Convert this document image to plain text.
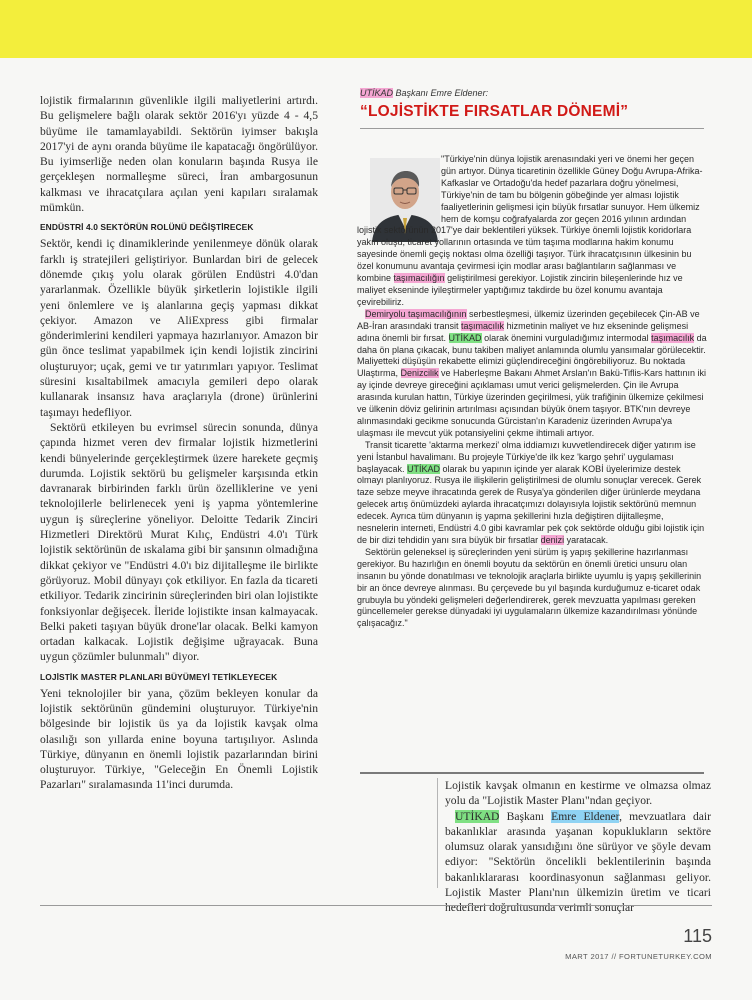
lojistik firmalarının güvenlikle ilgili maliyetlerini artırdı. Bu gelişmelere bağlı olarak sektör 2016'yı yüzde 4 - 4,5 büyüme ile tamamlayabildi. Sektörün iyimser bakışla 2017'yi de aynı oranda büyüme ile kapatacağı öngörülüyor. Bu iyimserliğe neden olan konuların başında Rusya ile gerçekleşen normalleşme süreci, İran ambargosunun kalkması ve ihracatçılara açılan yeni kapıları sıralamak mümkün.

ENDÜSTRİ 4.0 SEKTÖRÜN ROLÜNÜ DEĞİŞTİRECEK

Sektör, kendi iç dinamiklerinde yenilenmeye dönük olarak farklı iş stratejileri geliştiriyor. Bunlardan biri de gelecek dönemde çıkış yolu olarak görülen Endüstri 4.0'dan yararlanmak. Özellikle büyük şirketlerin lojistikle ilgili yeni önlemlere ve iş alanlarına geçiş yapması dikkat çekiyor. Amazon ve AliExpress gibi firmalar gönderimlerini kendileri yapmaya hazırlanıyor. Amazon bir gün önce teslimat yapabilmek için kendi lojistik zincirini oluşturuyor; uçak, gemi ve tır yatırımları yapıyor. Teslimat süresini kısaltabilmek amacıyla gemileri depo olarak kullanarak insansız hava araçlarıyla (drone) ürünlerini taşımayı hedefliyor.

Sektörü etkileyen bu evrimsel sürecin sonunda, dünya çapında hizmet veren dev firmalar lojistik hizmetlerini kendi bünyelerinde gerçekleştirmek üzere harekete geçmiş durumda. Lojistik sektörü bu gelişmeler karşısında etkin davranarak birbirinden farklı ürün özelliklerine ve yeni teknolojilerle belirlenecek yeni iş yapma yöntemlerine uygun iş süreçlerine yöneliyor. Deloitte Tedarik Zinciri Hizmetleri Direktörü Murat Kılıç, Endüstri 4.0'ı Türk lojistik sektörünün de ıskalama gibi bir şansının olmadığına dikkat çekiyor ve "Endüstri 4.0'ı biz dijitalleşme ile birlikte görüyoruz. Mobil dünyayı çok etkiliyor. En fazla da ticareti etkiliyor. Tedarik zincirinin süreçlerinden biri olan lojistikte fonksiyonlar değişecek. İleride lojistikte insan kalmayacak. Belki paketi taşıyan büyük drone'lar olacak. Belki kamyon ortadan kalkacak. Lojistik değişime uğrayacak. Buna uygun çözümler bulunmalı" diyor.

LOJİSTİK MASTER PLANLARI BÜYÜMEYİ TETİKLEYECEK

Yeni teknolojiler bir yana, çözüm bekleyen konular da lojistik sektörünün gündemini oluşturuyor. Türkiye'nin bölgesinde bir lojistik üs ya da lojistik kavşak olma olasılığı son yıllarda enine boyuna tartışılıyor. Aslında Türkiye, dünyanın en önemli lojistik pazarlarından birini oluşturuyor. Türkiye, "Geleceğin En Önemli Lojistik Pazarları" sıralamasında 11'inci durumda.

UTİKAD Başkanı Emre Eldener:
“LOJİSTİKTE FIRSATLAR DÖNEMİ”

"Türkiye'nin dünya lojistik arenasındaki yeri ve önemi her geçen gün artıyor. Dünya ticaretinin özellikle Güney Doğu Avrupa-Afrika-Kafkaslar ve Ortadoğu'da hedef pazarlara doğru yönelmesi, Türkiye'nin de tam bu bölgenin göbeğinde yer alması lojistik faaliyetlerinin gelişmesi için büyük fırsatlar sunuyor. Hem ülkemiz hem de komşu coğrafyalarda zor geçen 2016 yılının ardından

lojistik sektörünün 2017'ye dair beklentileri yüksek. Türkiye önemli lojistik koridorlara yakın oluşu, ticaret yollarının ortasında ve tüm taşıma modlarına hakim konumu sayesinde önemli geçiş noktası olma özelliği taşıyor. Türk ihracatçısının ülkesinin bu özel konumunu avantaja çevirmesi için modlar arası bağlantıların sağlanması ve kombine taşımacılığın geliştirilmesi gerekiyor. Lojistik zincirin bileşenlerinde hız ve maliyet ekseninde iyileştirmeler yaptığımız takdirde bu özel konumu avantaja çevirebiliriz.

Demiryolu taşımacılığının serbestleşmesi, ülkemiz üzerinden geçebilecek Çin-AB ve AB-İran arasındaki transit taşımacılık hizmetinin maliyet ve hız ekseninde gelişmesi adına önemli bir fırsat. UTİKAD olarak önemini vurguladığımız intermodal taşımacılık da daha ön plana çıkacak, bunu takiben maliyet anlamında olumlu yansımalar görülecektir. Maliyetteki düşüşün rekabette elimizi güçlendireceğini öngörebiliyoruz. Bu noktada Ulaştırma, Denizcilik ve Haberleşme Bakanı Ahmet Arslan'ın Bakü-Tiflis-Kars hattının iki ay içinde devreye gireceğini açıklaması umut verici gelişmelerden. Çin ile Avrupa arasında kurulan hattın, Türkiye üzerinden geçirilmesi, yük trafiğinin ülkemize çekilmesi ve ülkenin döviz gelirinin artırılması açısından büyük önem taşıyor. BTK'nın devreye alınmasındaki gecikme sonucunda Gürcistan'ın Karadeniz üzerinden Avrupa'ya ulaşması ile mevcut yük potansiyelini çekme ihtimali artıyor.

Transit ticarette 'aktarma merkezi' olma iddiamızı kuvvetlendirecek diğer yatırım ise yeni İstanbul havalimanı. Bu projeyle Türkiye'de ilk kez 'kargo şehri' uygulaması başlayacak. UTİKAD olarak bu yapının içinde yer alarak KOBİ üyelerimize destek olmayı planlıyoruz. Rusya ile ilişkilerin geliştirilmesi de olumlu sonuçlar verecek. Gerek taze sebze meyve ihracatında gerek de Rusya'ya gönderilen diğer ürünlerde meydana gelecek artış önümüzdeki aylarda ihracatçımızı dolayısıyla lojistik sektörünü memnun edecek. Ayrıca tüm dünyanın iş yapma şekillerini hızla değiştiren dijitalleşme, nesnelerin interneti, Endüstri 4.0 gibi kavramlar pek çok sektörde olduğu gibi lojistik için de bir dizi tehdidin yanı sıra büyük bir fırsatlar denizi yaratacak.

Sektörün geleneksel iş süreçlerinden yeni sürüm iş yapış şekillerine hazırlanması gerekiyor. Bu hazırlığın en önemli boyutu da sektörün en önemli üretici unsuru olan insanın bu yönde donatılması ve teknolojik araçlarla birlikte uyumlu iş yapış şekillerinin bir an önce devreye alınması. Bu çerçevede bu yıl başında kurduğumuz e-ticaret odak grubuyla bu yöndeki gelişmeleri değerlendirerek, gerek mevzuatta yapılması gereken güncellemeler gerekse dünyadaki iyi uygulamaların ülkemize kazandırılması yönünde çalışacağız."

Lojistik kavşak olmanın en kestirme ve olmazsa olmaz yolu da "Lojistik Master Planı"ndan geçiyor.

UTİKAD Başkanı Emre Eldener, mevzuatlara dair bakanlıklar arasında yaşanan kopuklukların sektöre olumsuz olarak yansıdığını öne sürüyor ve şöyle devam ediyor: "Sektörün öncelikli beklentilerinin başında bakanlıklararası koordinasyonun sağlanması geliyor. Lojistik Master Planı'nın ülkemizin üretim ve ticari hedefleri doğrultusunda verimli sonuçlar

115
MART 2017 // FORTUNETURKEY.COM
